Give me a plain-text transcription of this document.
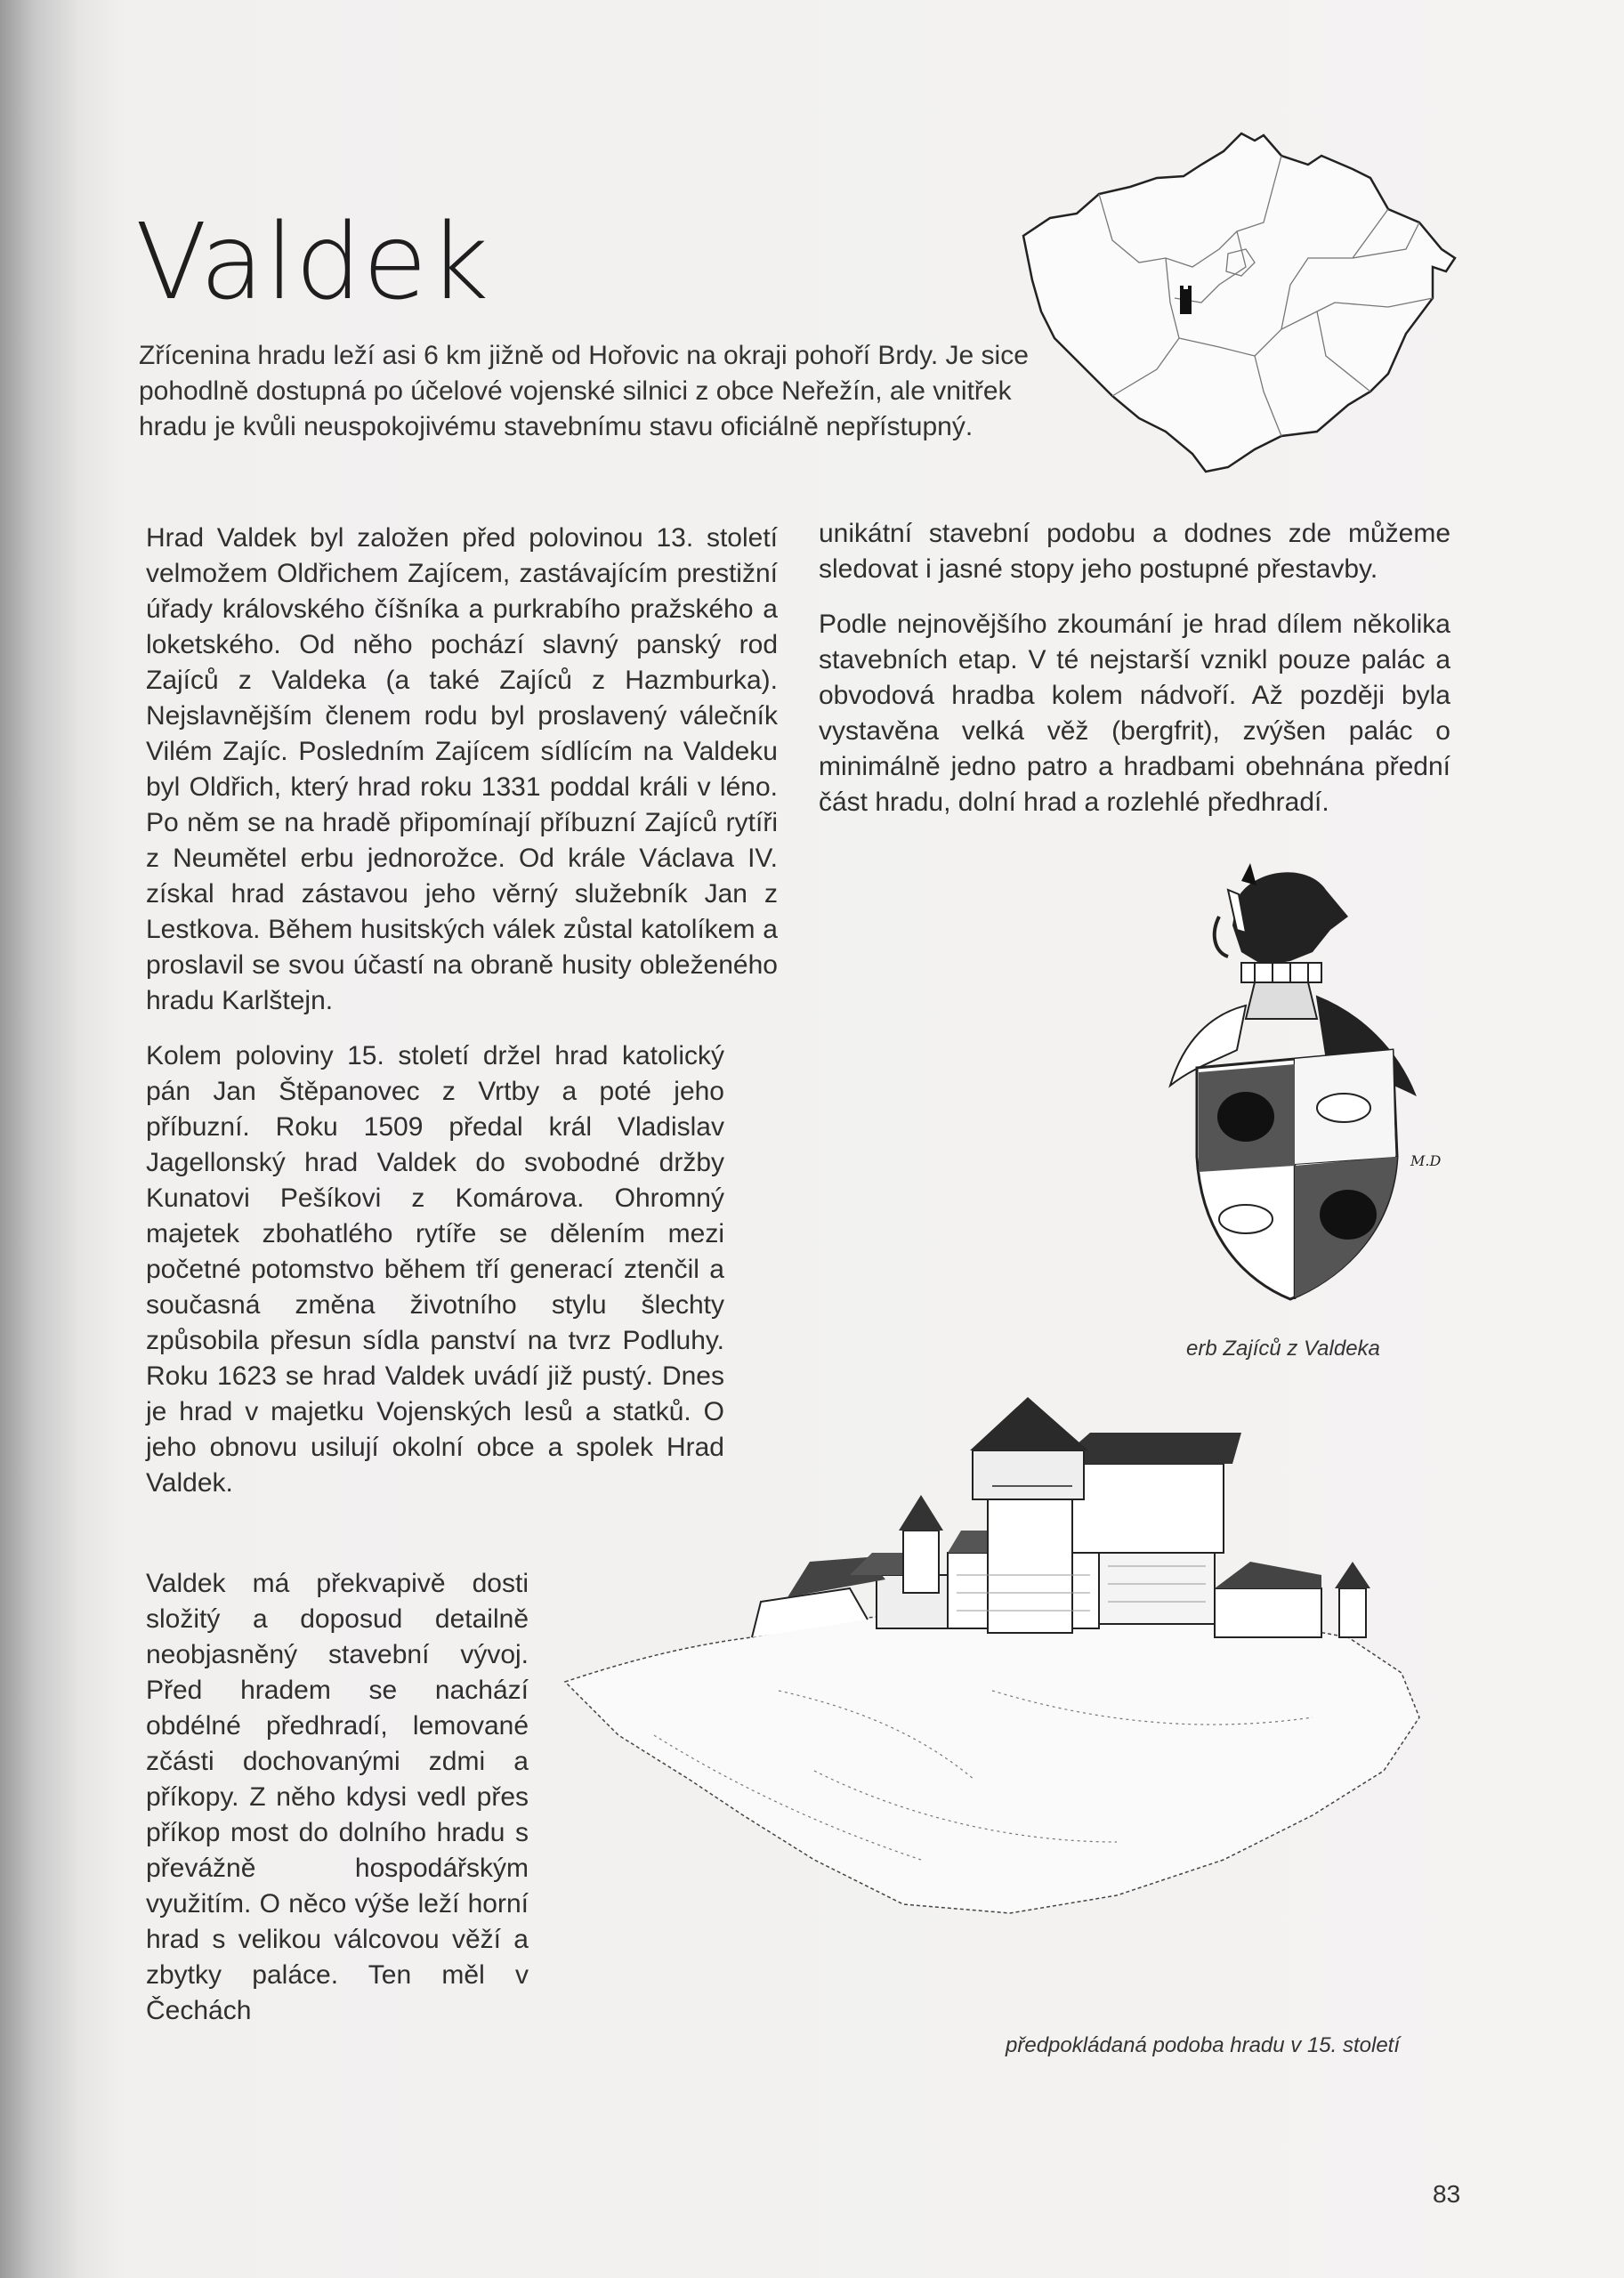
Valdek
Zřícenina hradu leží asi 6 km jižně od Hořovic na okraji pohoří Brdy. Je sice pohodlně dostupná po účelové vojenské silnici z obce Neřežín, ale vnitřek hradu je kvůli neuspokojivému stavebnímu stavu oficiálně nepřístupný.

Hrad Valdek byl založen před polovinou 13. století velmožem Oldřichem Zajícem, zastávajícím prestižní úřady královského číšníka a purkrabího pražského a loketského. Od něho pochází slavný panský rod Zajíců z Valdeka (a také Zajíců z Hazmburka). Nejslavnějším členem rodu byl proslavený válečník Vilém Zajíc. Posledním Zajícem sídlícím na Valdeku byl Oldřich, který hrad roku 1331 poddal králi v léno. Po něm se na hradě připomínají příbuzní Zajíců rytíři z Neumětel erbu jednorožce. Od krále Václava IV. získal hrad zástavou jeho věrný služebník Jan z Lestkova. Během husitských válek zůstal katolíkem a proslavil se svou účastí na obraně husity obleženého hradu Karlštejn.

Kolem poloviny 15. století držel hrad katolický pán Jan Štěpanovec z Vrtby a poté jeho příbuzní. Roku 1509 předal král Vladislav Jagellonský hrad Valdek do svobodné držby Kunatovi Pešíkovi z Komárova. Ohromný majetek zbohatlého rytíře se dělením mezi početné potomstvo během tří generací ztenčil a současná změna životního stylu šlechty způsobila přesun sídla panství na tvrz Podluhy. Roku 1623 se hrad Valdek uvádí již pustý. Dnes je hrad v majetku Vojenských lesů a statků. O jeho obnovu usilují okolní obce a spolek Hrad Valdek.

Valdek má překvapivě dosti složitý a doposud detailně neobjasněný stavební vývoj. Před hradem se nachází obdélné předhradí, lemované zčásti dochovanými zdmi a příkopy. Z něho kdysi vedl přes příkop most do dolního hradu s převážně hospodářským využitím. O něco výše leží horní hrad s velikou válcovou věží a zbytky paláce. Ten měl v Čechách

unikátní stavební podobu a dodnes zde můžeme sledovat i jasné stopy jeho postupné přestavby.

Podle nejnovějšího zkoumání je hrad dílem několika stavebních etap. V té nejstarší vznikl pouze palác a obvodová hradba kolem nádvoří. Až později byla vystavěna velká věž (bergfrit), zvýšen palác o minimálně jedno patro a hradbami obehnána přední část hradu, dolní hrad a rozlehlé předhradí.

M.D
erb Zajíců z Valdeka
předpokládaná podoba hradu v 15. století
83
